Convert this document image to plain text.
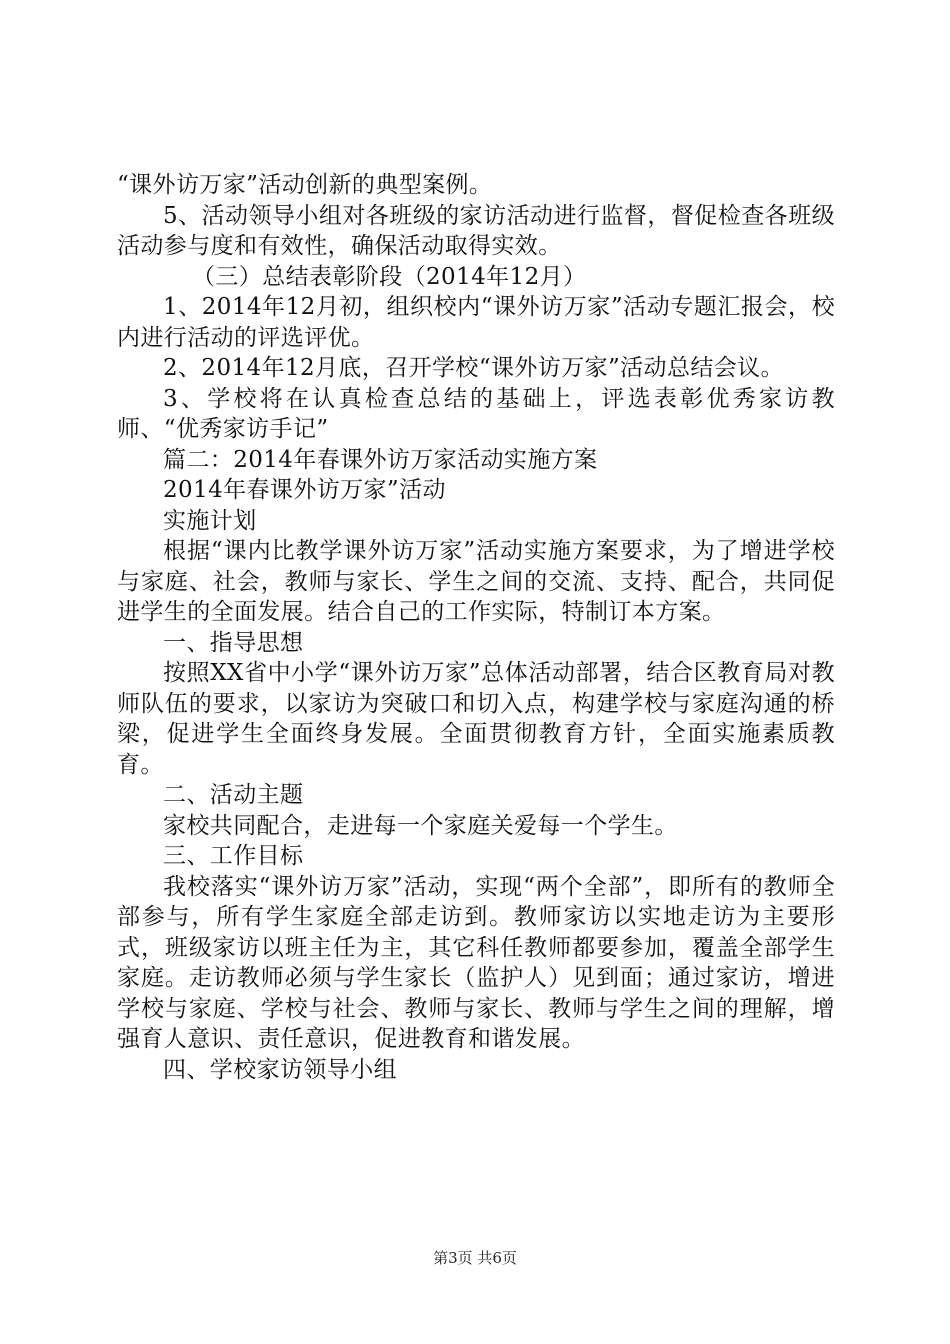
“课外访万家”活动创新的典型案例。

5、活动领导小组对各班级的家访活动进行监督，督促检查各班级活动参与度和有效性，确保活动取得实效。

（三）总结表彰阶段（2014年12月）

1、2014年12月初，组织校内“课外访万家”活动专题汇报会，校内进行活动的评选评优。

2、2014年12月底，召开学校“课外访万家”活动总结会议。

3、学校将在认真检查总结的基础上，评选表彰优秀家访教师、“优秀家访手记”

篇二：2014年春课外访万家活动实施方案

2014年春课外访万家”活动

实施计划

根据“课内比教学课外访万家”活动实施方案要求，为了增进学校与家庭、社会，教师与家长、学生之间的交流、支持、配合，共同促进学生的全面发展。结合自己的工作实际，特制订本方案。

一、指导思想

按照XX省中小学“课外访万家”总体活动部署，结合区教育局对教师队伍的要求，以家访为突破口和切入点，构建学校与家庭沟通的桥梁，促进学生全面终身发展。全面贯彻教育方针，全面实施素质教育。

二、活动主题

家校共同配合，走进每一个家庭关爱每一个学生。

三、工作目标

我校落实“课外访万家”活动，实现“两个全部”，即所有的教师全部参与，所有学生家庭全部走访到。教师家访以实地走访为主要形式，班级家访以班主任为主，其它科任教师都要参加，覆盖全部学生家庭。走访教师必须与学生家长（监护人）见到面；通过家访，增进学校与家庭、学校与社会、教师与家长、教师与学生之间的理解，增强育人意识、责任意识，促进教育和谐发展。

四、学校家访领导小组

第3页 共6页
